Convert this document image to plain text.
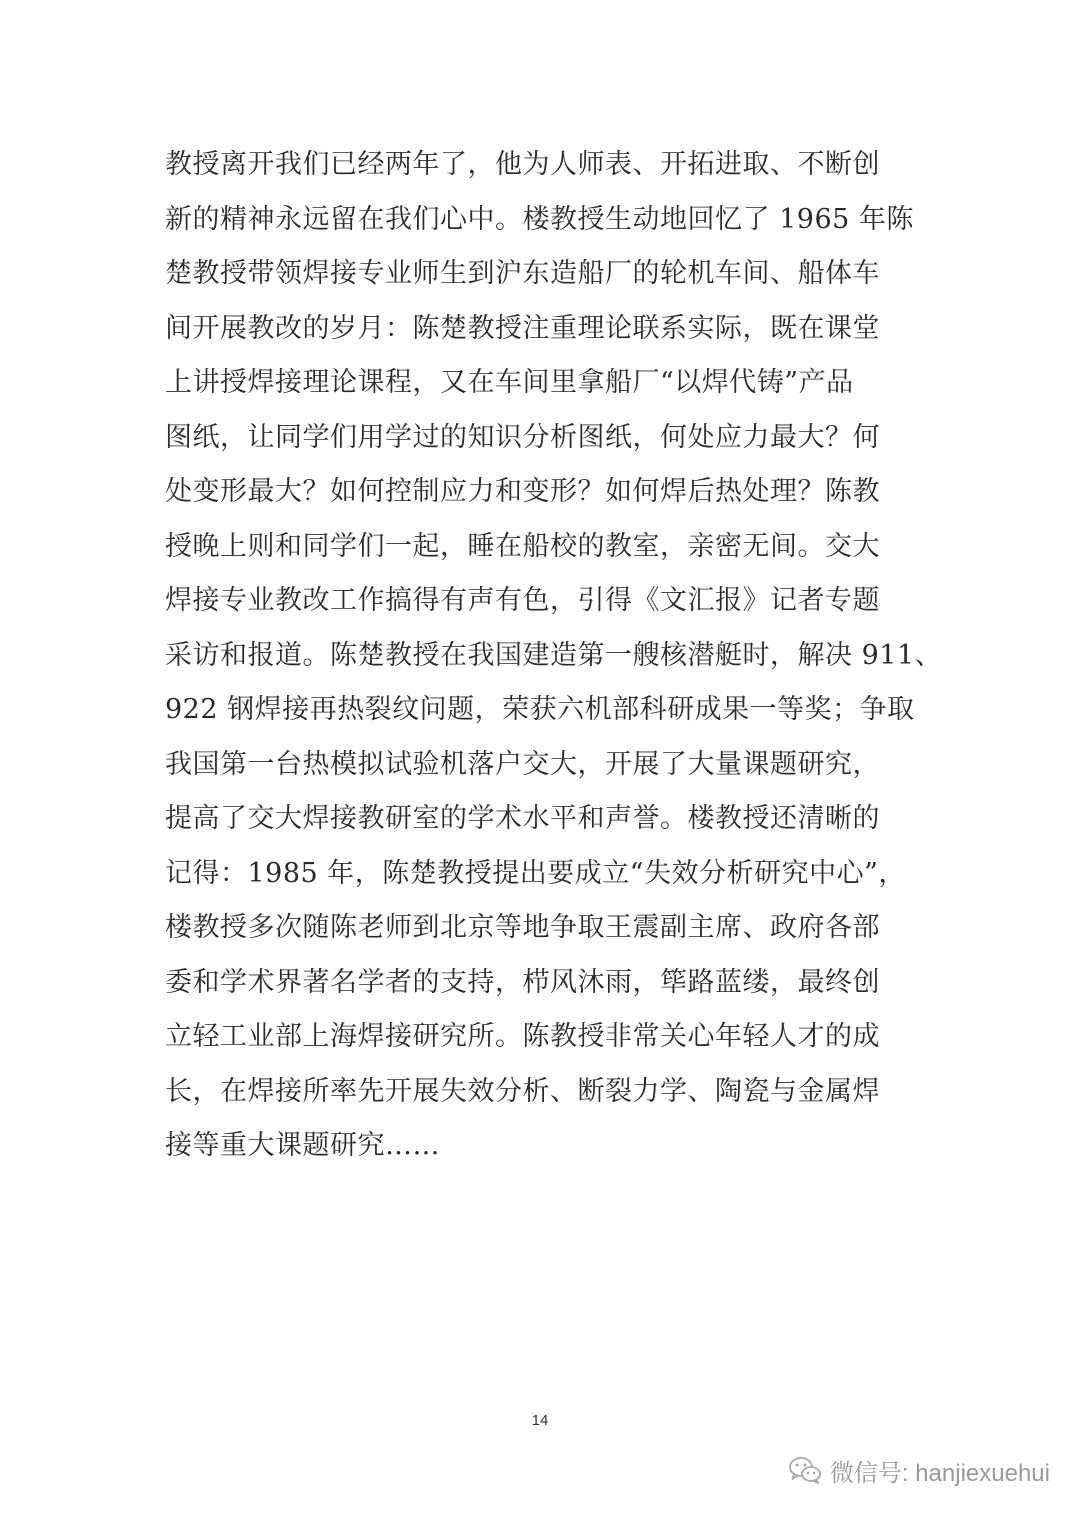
教授离开我们已经两年了，他为人师表、开拓进取、不断创
新的精神永远留在我们心中。楼教授生动地回忆了 1965 年陈
楚教授带领焊接专业师生到沪东造船厂的轮机车间、船体车
间开展教改的岁月：陈楚教授注重理论联系实际，既在课堂
上讲授焊接理论课程，又在车间里拿船厂“以焊代铸”产品
图纸，让同学们用学过的知识分析图纸，何处应力最大？何
处变形最大？如何控制应力和变形？如何焊后热处理？陈教
授晚上则和同学们一起，睡在船校的教室，亲密无间。交大
焊接专业教改工作搞得有声有色，引得《文汇报》记者专题
采访和报道。陈楚教授在我国建造第一艘核潜艇时，解决 911、
922 钢焊接再热裂纹问题，荣获六机部科研成果一等奖；争取
我国第一台热模拟试验机落户交大，开展了大量课题研究，
提高了交大焊接教研室的学术水平和声誉。楼教授还清晰的
记得：1985 年，陈楚教授提出要成立“失效分析研究中心”，
楼教授多次随陈老师到北京等地争取王震副主席、政府各部
委和学术界著名学者的支持，栉风沐雨，筚路蓝缕，最终创
立轻工业部上海焊接研究所。陈教授非常关心年轻人才的成
长，在焊接所率先开展失效分析、断裂力学、陶瓷与金属焊
接等重大课题研究……
14
微信号: hanjiexuehui
